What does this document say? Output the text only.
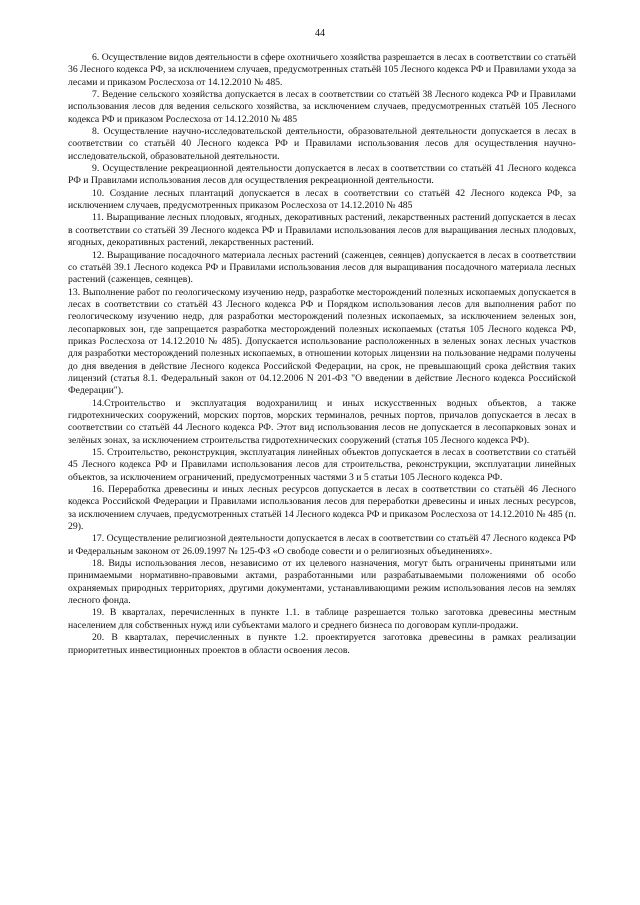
44

6. Осуществление видов деятельности в сфере охотничьего хозяйства разрешается в лесах в соответствии со статьёй 36 Лесного кодекса РФ, за исключением случаев, предусмотренных статьёй 105 Лесного кодекса РФ и Правилами ухода за лесами и приказом Рослесхоза от 14.12.2010 № 485.

7. Ведение сельского хозяйства допускается в лесах в соответствии со статьёй 38 Лесного кодекса РФ и Правилами использования лесов для ведения сельского хозяйства, за исключением случаев, предусмотренных статьёй 105 Лесного кодекса РФ и приказом Рослесхоза от 14.12.2010 № 485

8. Осуществление научно-исследовательской деятельности, образовательной деятельности допускается в лесах в соответствии со статьёй 40 Лесного кодекса РФ и Правилами использования лесов для осуществления научно-исследовательской, образовательной деятельности.

9. Осуществление рекреационной деятельности допускается в лесах в соответствии со статьёй 41 Лесного кодекса РФ и Правилами использования лесов для осуществления рекреационной деятельности.

10. Создание лесных плантаций допускается в лесах в соответствии со статьёй 42 Лесного кодекса РФ, за исключением случаев, предусмотренных приказом Рослесхоза от 14.12.2010 № 485

11. Выращивание лесных плодовых, ягодных, декоративных растений, лекарственных растений допускается в лесах в соответствии со статьёй 39 Лесного кодекса РФ и Правилами использования лесов для выращивания лесных плодовых, ягодных, декоративных растений, лекарственных растений.

12. Выращивание посадочного материала лесных растений (саженцев, сеянцев) допускается в лесах в соответствии со статьёй 39.1 Лесного кодекса РФ и Правилами использования лесов для выращивания посадочного материала лесных растений (саженцев, сеянцев).

13. Выполнение работ по геологическому изучению недр, разработке месторождений полезных ископаемых допускается в лесах в соответствии со статьёй 43 Лесного кодекса РФ и Порядком использования лесов для выполнения работ по геологическому изучению недр, для разработки месторождений полезных ископаемых, за исключением зеленых зон, лесопарковых зон, где запрещается разработка месторождений полезных ископаемых (статья 105 Лесного кодекса РФ, приказ Рослесхоза от 14.12.2010 № 485). Допускается использование расположенных в зеленых зонах лесных участков для разработки месторождений полезных ископаемых, в отношении которых лицензии на пользование недрами получены до дня введения в действие Лесного кодекса Российской Федерации, на срок, не превышающий срока действия таких лицензий (статья 8.1. Федеральный закон от 04.12.2006 N 201-ФЗ "О введении в действие Лесного кодекса Российской Федерации").

14.Строительство и эксплуатация водохранилищ и иных искусственных водных объектов, а также гидротехнических сооружений, морских портов, морских терминалов, речных портов, причалов допускается в лесах в соответствии со статьёй 44 Лесного кодекса РФ. Этот вид использования лесов не допускается в лесопарковых зонах и зелёных зонах, за исключением строительства гидротехнических сооружений (статья 105 Лесного кодекса РФ).

15. Строительство, реконструкция, эксплуатация линейных объектов допускается в лесах в соответствии со статьёй 45 Лесного кодекса РФ и Правилами использования лесов для строительства, реконструкции, эксплуатации линейных объектов, за исключением ограничений, предусмотренных частями 3 и 5 статьи 105 Лесного кодекса РФ.

16. Переработка древесины и иных лесных ресурсов допускается в лесах в соответствии со статьёй 46 Лесного кодекса Российской Федерации и Правилами использования лесов для переработки древесины и иных лесных ресурсов, за исключением случаев, предусмотренных статьёй 14 Лесного кодекса РФ и приказом Рослесхоза от 14.12.2010 № 485 (п. 29).

17. Осуществление религиозной деятельности допускается в лесах в соответствии со статьёй 47 Лесного кодекса РФ и Федеральным законом от 26.09.1997 № 125-ФЗ «О свободе совести и о религиозных объединениях».

18. Виды использования лесов, независимо от их целевого назначения, могут быть ограничены принятыми или принимаемыми нормативно-правовыми актами, разработанными или разрабатываемыми положениями об особо охраняемых природных территориях, другими документами, устанавливающими режим использования лесов на землях лесного фонда.

19. В кварталах, перечисленных в пункте 1.1. в таблице разрешается только заготовка древесины местным населением для собственных нужд или субъектами малого и среднего бизнеса по договорам купли-продажи.

20. В кварталах, перечисленных в пункте 1.2. проектируется заготовка древесины в рамках реализации приоритетных инвестиционных проектов в области освоения лесов.
